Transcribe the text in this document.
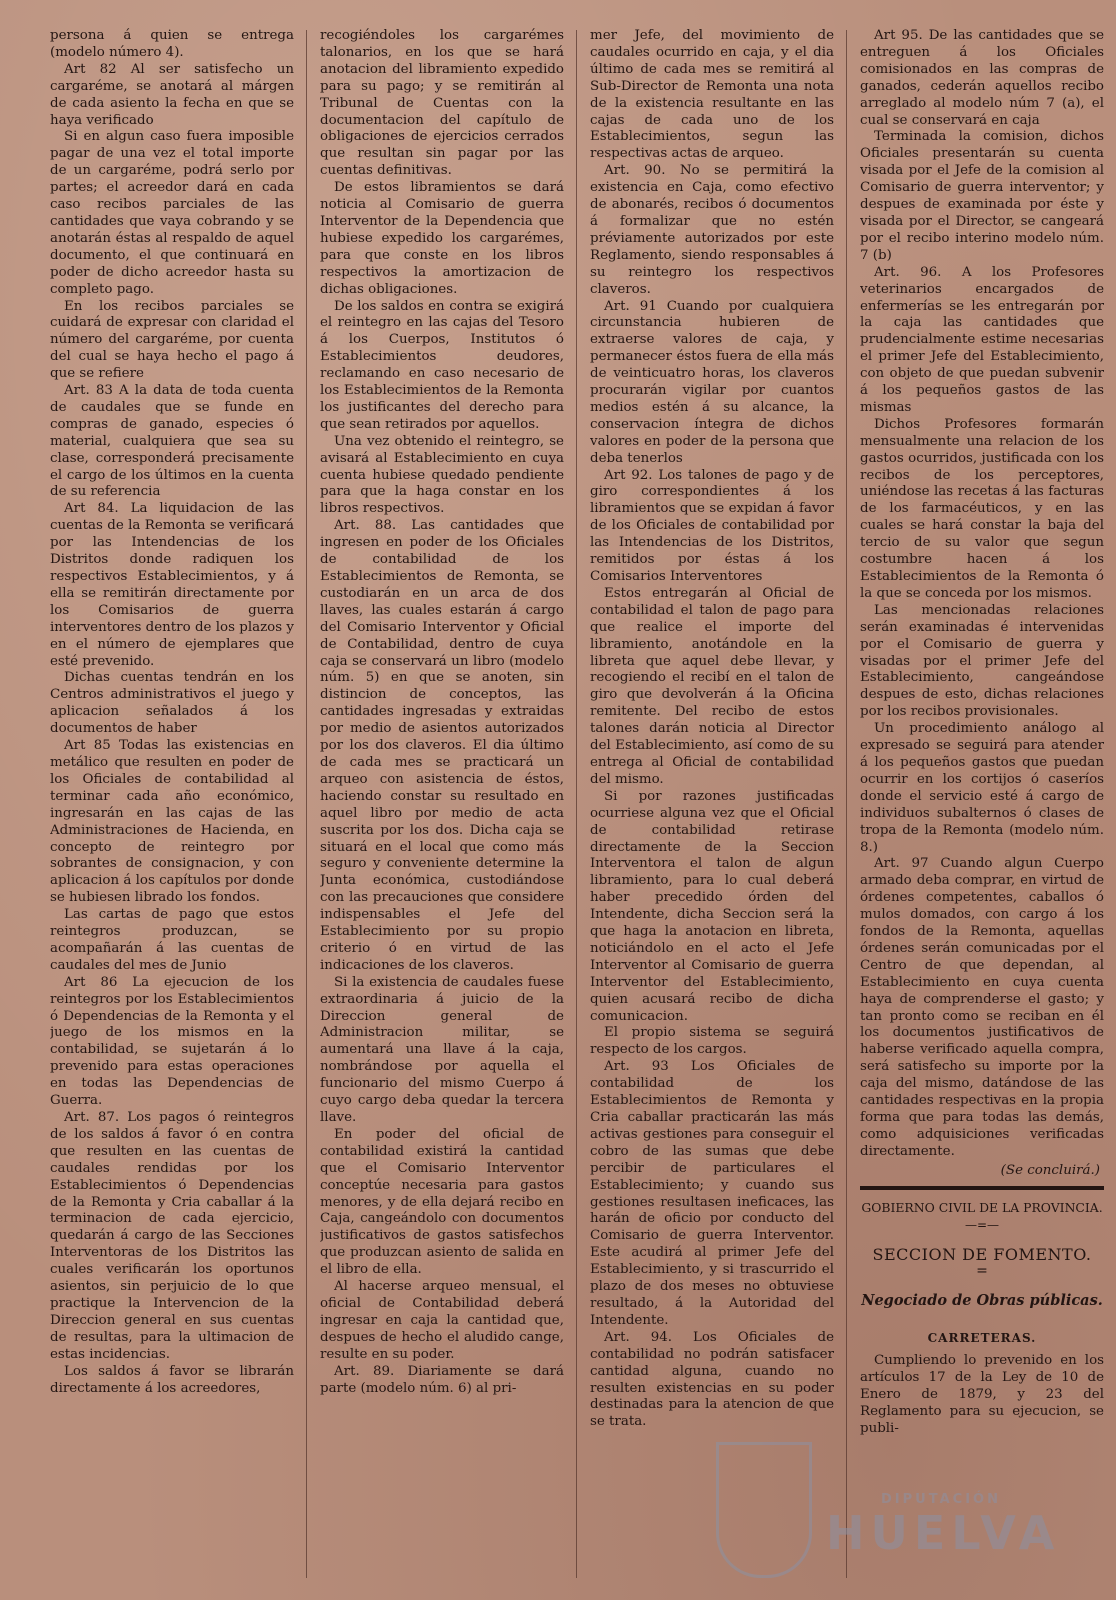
persona á quien se entrega (modelo número 4).

Art 82 Al ser satisfecho un cargaréme, se anotará al márgen de cada asiento la fecha en que se haya verificado

Si en algun caso fuera imposible pagar de una vez el total importe de un cargaréme, podrá serlo por partes; el acreedor dará en cada caso recibos parciales de las cantidades que vaya cobrando y se anotarán éstas al respaldo de aquel documento, el que continuará en poder de dicho acreedor hasta su completo pago.

En los recibos parciales se cuidará de expresar con claridad el número del cargaréme, por cuenta del cual se haya hecho el pago á que se refiere

Art. 83 A la data de toda cuenta de caudales que se funde en compras de ganado, especies ó material, cualquiera que sea su clase, corresponderá precisamente el cargo de los últimos en la cuenta de su referencia

Art 84. La liquidacion de las cuentas de la Remonta se verificará por las Intendencias de los Distritos donde radiquen los respectivos Establecimientos, y á ella se remitirán directamente por los Comisarios de guerra interventores dentro de los plazos y en el número de ejemplares que esté prevenido.

Dichas cuentas tendrán en los Centros administrativos el juego y aplicacion señalados á los documentos de haber

Art 85 Todas las existencias en metálico que resulten en poder de los Oficiales de contabilidad al terminar cada año económico, ingresarán en las cajas de las Administraciones de Hacienda, en concepto de reintegro por sobrantes de consignacion, y con aplicacion á los capítulos por donde se hubiesen librado los fondos.

Las cartas de pago que estos reintegros produzcan, se acompañarán á las cuentas de caudales del mes de Junio

Art 86 La ejecucion de los reintegros por los Establecimientos ó Dependencias de la Remonta y el juego de los mismos en la contabilidad, se sujetarán á lo prevenido para estas operaciones en todas las Dependencias de Guerra.

Art. 87. Los pagos ó reintegros de los saldos á favor ó en contra que resulten en las cuentas de caudales rendidas por los Establecimientos ó Dependencias de la Remonta y Cria caballar á la terminacion de cada ejercicio, quedarán á cargo de las Secciones Interventoras de los Distritos las cuales verificarán los oportunos asientos, sin perjuicio de lo que practique la Intervencion de la Direccion general en sus cuentas de resultas, para la ultimacion de estas incidencias.

Los saldos á favor se librarán directamente á los acreedores,

recogiéndoles los cargarémes talonarios, en los que se hará anotacion del libramiento expedido para su pago; y se remitirán al Tribunal de Cuentas con la documentacion del capítulo de obligaciones de ejercicios cerrados que resultan sin pagar por las cuentas definitivas.

De estos libramientos se dará noticia al Comisario de guerra Interventor de la Dependencia que hubiese expedido los cargarémes, para que conste en los libros respectivos la amortizacion de dichas obligaciones.

De los saldos en contra se exigirá el reintegro en las cajas del Tesoro á los Cuerpos, Institutos ó Establecimientos deudores, reclamando en caso necesario de los Establecimientos de la Remonta los justificantes del derecho para que sean retirados por aquellos.

Una vez obtenido el reintegro, se avisará al Establecimiento en cuya cuenta hubiese quedado pendiente para que la haga constar en los libros respectivos.

Art. 88. Las cantidades que ingresen en poder de los Oficiales de contabilidad de los Establecimientos de Remonta, se custodiarán en un arca de dos llaves, las cuales estarán á cargo del Comisario Interventor y Oficial de Contabilidad, dentro de cuya caja se conservará un libro (modelo núm. 5) en que se anoten, sin distincion de conceptos, las cantidades ingresadas y extraidas por medio de asientos autorizados por los dos claveros. El dia último de cada mes se practicará un arqueo con asistencia de éstos, haciendo constar su resultado en aquel libro por medio de acta suscrita por los dos. Dicha caja se situará en el local que como más seguro y conveniente determine la Junta económica, custodiándose con las precauciones que considere indispensables el Jefe del Establecimiento por su propio criterio ó en virtud de las indicaciones de los claveros.

Si la existencia de caudales fuese extraordinaria á juicio de la Direccion general de Administracion militar, se aumentará una llave á la caja, nombrándose por aquella el funcionario del mismo Cuerpo á cuyo cargo deba quedar la tercera llave.

En poder del oficial de contabilidad existirá la cantidad que el Comisario Interventor conceptúe necesaria para gastos menores, y de ella dejará recibo en Caja, cangeándolo con documentos justificativos de gastos satisfechos que produzcan asiento de salida en el libro de ella.

Al hacerse arqueo mensual, el oficial de Contabilidad deberá ingresar en caja la cantidad que, despues de hecho el aludido cange, resulte en su poder.

Art. 89. Diariamente se dará parte (modelo núm. 6) al pri-

mer Jefe, del movimiento de caudales ocurrido en caja, y el dia último de cada mes se remitirá al Sub-Director de Remonta una nota de la existencia resultante en las cajas de cada uno de los Establecimientos, segun las respectivas actas de arqueo.

Art. 90. No se permitirá la existencia en Caja, como efectivo de abonarés, recibos ó documentos á formalizar que no estén préviamente autorizados por este Reglamento, siendo responsables á su reintegro los respectivos claveros.

Art. 91 Cuando por cualquiera circunstancia hubieren de extraerse valores de caja, y permanecer éstos fuera de ella más de veinticuatro horas, los claveros procurarán vigilar por cuantos medios estén á su alcance, la conservacion íntegra de dichos valores en poder de la persona que deba tenerlos

Art 92. Los talones de pago y de giro correspondientes á los libramientos que se expidan á favor de los Oficiales de contabilidad por las Intendencias de los Distritos, remitidos por éstas á los Comisarios Interventores

Estos entregarán al Oficial de contabilidad el talon de pago para que realice el importe del libramiento, anotándole en la libreta que aquel debe llevar, y recogiendo el recibí en el talon de giro que devolverán á la Oficina remitente. Del recibo de estos talones darán noticia al Director del Establecimiento, así como de su entrega al Oficial de contabilidad del mismo.

Si por razones justificadas ocurriese alguna vez que el Oficial de contabilidad retirase directamente de la Seccion Interventora el talon de algun libramiento, para lo cual deberá haber precedido órden del Intendente, dicha Seccion será la que haga la anotacion en libreta, noticiándolo en el acto el Jefe Interventor al Comisario de guerra Interventor del Establecimiento, quien acusará recibo de dicha comunicacion.

El propio sistema se seguirá respecto de los cargos.

Art. 93 Los Oficiales de contabilidad de los Establecimientos de Remonta y Cria caballar practicarán las más activas gestiones para conseguir el cobro de las sumas que debe percibir de particulares el Establecimiento; y cuando sus gestiones resultasen ineficaces, las harán de oficio por conducto del Comisario de guerra Interventor. Este acudirá al primer Jefe del Establecimiento, y si trascurrido el plazo de dos meses no obtuviese resultado, á la Autoridad del Intendente.

Art. 94. Los Oficiales de contabilidad no podrán satisfacer cantidad alguna, cuando no resulten existencias en su poder destinadas para la atencion de que se trata.

Art 95. De las cantidades que se entreguen á los Oficiales comisionados en las compras de ganados, cederán aquellos recibo arreglado al modelo núm 7 (a), el cual se conservará en caja

Terminada la comision, dichos Oficiales presentarán su cuenta visada por el Jefe de la comision al Comisario de guerra interventor; y despues de examinada por éste y visada por el Director, se cangeará por el recibo interino modelo núm. 7 (b)

Art. 96. A los Profesores veterinarios encargados de enfermerías se les entregarán por la caja las cantidades que prudencialmente estime necesarias el primer Jefe del Establecimiento, con objeto de que puedan subvenir á los pequeños gastos de las mismas

Dichos Profesores formarán mensualmente una relacion de los gastos ocurridos, justificada con los recibos de los perceptores, uniéndose las recetas á las facturas de los farmacéuticos, y en las cuales se hará constar la baja del tercio de su valor que segun costumbre hacen á los Establecimientos de la Remonta ó la que se conceda por los mismos.

Las mencionadas relaciones serán examinadas é intervenidas por el Comisario de guerra y visadas por el primer Jefe del Establecimiento, cangeándose despues de esto, dichas relaciones por los recibos provisionales.

Un procedimiento análogo al expresado se seguirá para atender á los pequeños gastos que puedan ocurrir en los cortijos ó caseríos donde el servicio esté á cargo de individuos subalternos ó clases de tropa de la Remonta (modelo núm. 8.)

Art. 97 Cuando algun Cuerpo armado deba comprar, en virtud de órdenes competentes, caballos ó mulos domados, con cargo á los fondos de la Remonta, aquellas órdenes serán comunicadas por el Centro de que dependan, al Establecimiento en cuya cuenta haya de comprenderse el gasto; y tan pronto como se reciban en él los documentos justificativos de haberse verificado aquella compra, será satisfecho su importe por la caja del mismo, datándose de las cantidades respectivas en la propia forma que para todas las demás, como adquisiciones verificadas directamente.

(Se concluirá.)
GOBIERNO CIVIL DE LA PROVINCIA.
—=—
SECCION DE FOMENTO.
=
Negociado de Obras públicas.
CARRETERAS.

Cumpliendo lo prevenido en los artículos 17 de la Ley de 10 de Enero de 1879, y 23 del Reglamento para su ejecucion, se publi-

DIPUTACIÓN
HUELVA
